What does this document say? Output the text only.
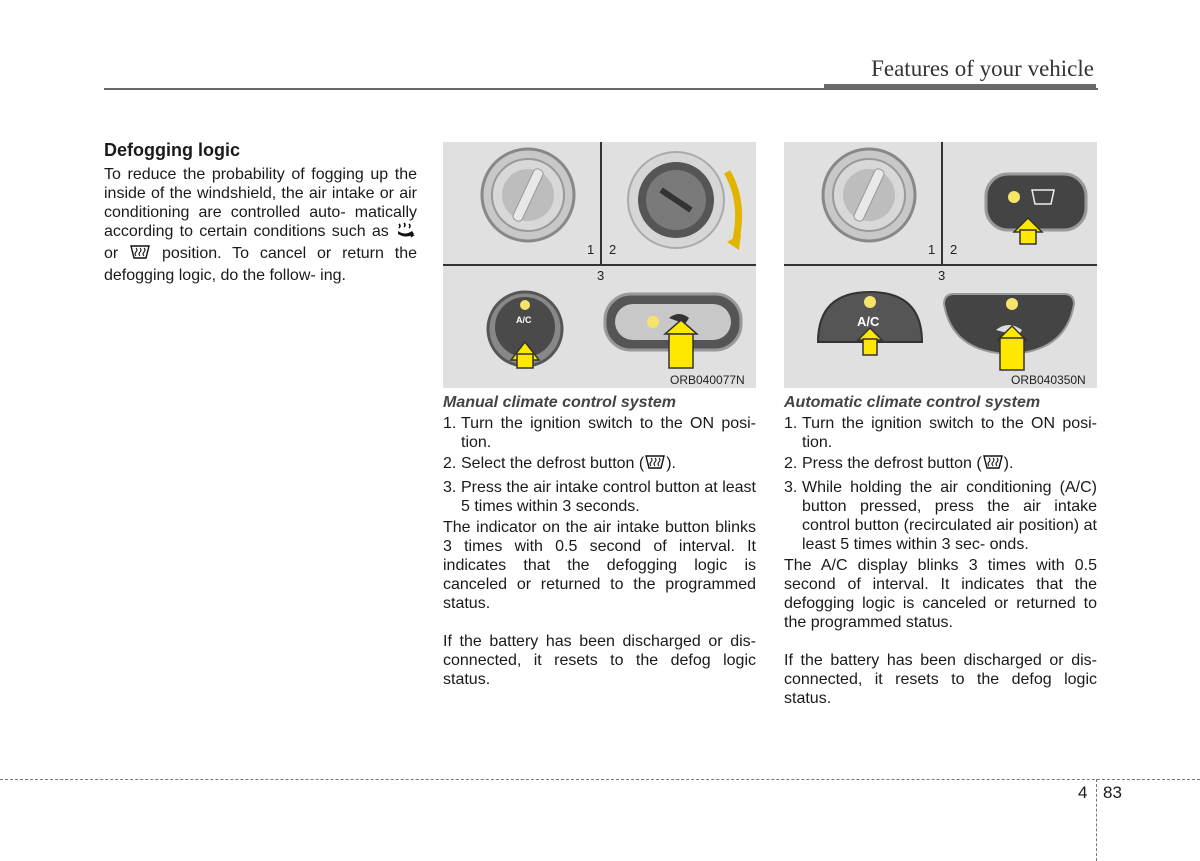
Features of your vehicle
Defogging logic
To reduce the probability of fogging up the inside of the windshield, the air intake or air conditioning are controlled auto- matically according to certain conditions such as  or	position. To cancel or return the defogging logic, do the follow- ing.
1 2
3
A/C
ORB040077N
1 2
3
A/C
ORB040350N
Manual climate control system
1. Turn the ignition switch to the ON posi- tion.
2. Select the defrost button ( ).
3. Press the air intake control button at least 5 times within 3 seconds.
The indicator on the air intake button blinks 3 times with 0.5 second of interval. It indicates that the defogging logic is canceled or returned to the programmed status.
If the battery has been discharged or dis- connected, it resets to the defog logic status.
Automatic climate control system
1. Turn the ignition switch to the ON posi- tion.
2. Press the defrost button ( ).
3. While holding the air conditioning (A/C) button pressed, press the air intake control button (recirculated air position) at least 5 times within 3 sec- onds.
The A/C display blinks 3 times with 0.5 second of interval. It indicates that the defogging logic is canceled or returned to the programmed status.
If the battery has been discharged or dis- connected, it resets to the defog logic status.
4 83
